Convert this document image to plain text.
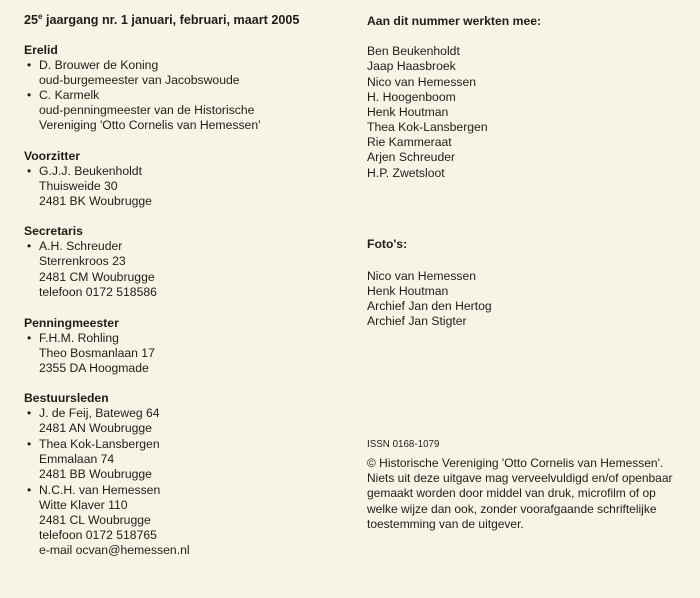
25e jaargang nr. 1 januari, februari, maart 2005
Erelid
• D. Brouwer de Koning
oud-burgemeester van Jacobswoude
• C. Karmelk
oud-penningmeester van de Historische
Vereniging 'Otto Cornelis van Hemessen'
Voorzitter
• G.J.J. Beukenholdt
Thuisweide 30
2481 BK Woubrugge
Secretaris
• A.H. Schreuder
Sterrenkroos 23
2481 CM Woubrugge
telefoon 0172 518586
Penningmeester
• F.H.M. Rohling
Theo Bosmanlaan 17
2355 DA Hoogmade
Bestuursleden
• J. de Feij, Bateweg 64
2481 AN Woubrugge
• Thea Kok-Lansbergen
Emmalaan 74
2481 BB Woubrugge
• N.C.H. van Hemessen
Witte Klaver 110
2481 CL Woubrugge
telefoon 0172 518765
e-mail ocvan@hemessen.nl
Aan dit nummer werkten mee:
Ben Beukenholdt
Jaap Haasbroek
Nico van Hemessen
H. Hoogenboom
Henk Houtman
Thea Kok-Lansbergen
Rie Kammeraat
Arjen Schreuder
H.P. Zwetsloot
Foto's:
Nico van Hemessen
Henk Houtman
Archief Jan den Hertog
Archief Jan Stigter
ISSN 0168-1079
© Historische Vereniging 'Otto Cornelis van Hemessen'. Niets uit deze uitgave mag verveelvuldigd en/of openbaar gemaakt worden door middel van druk, microfilm of op welke wijze dan ook, zonder voorafgaande schriftelijke toestemming van de uitgever.
